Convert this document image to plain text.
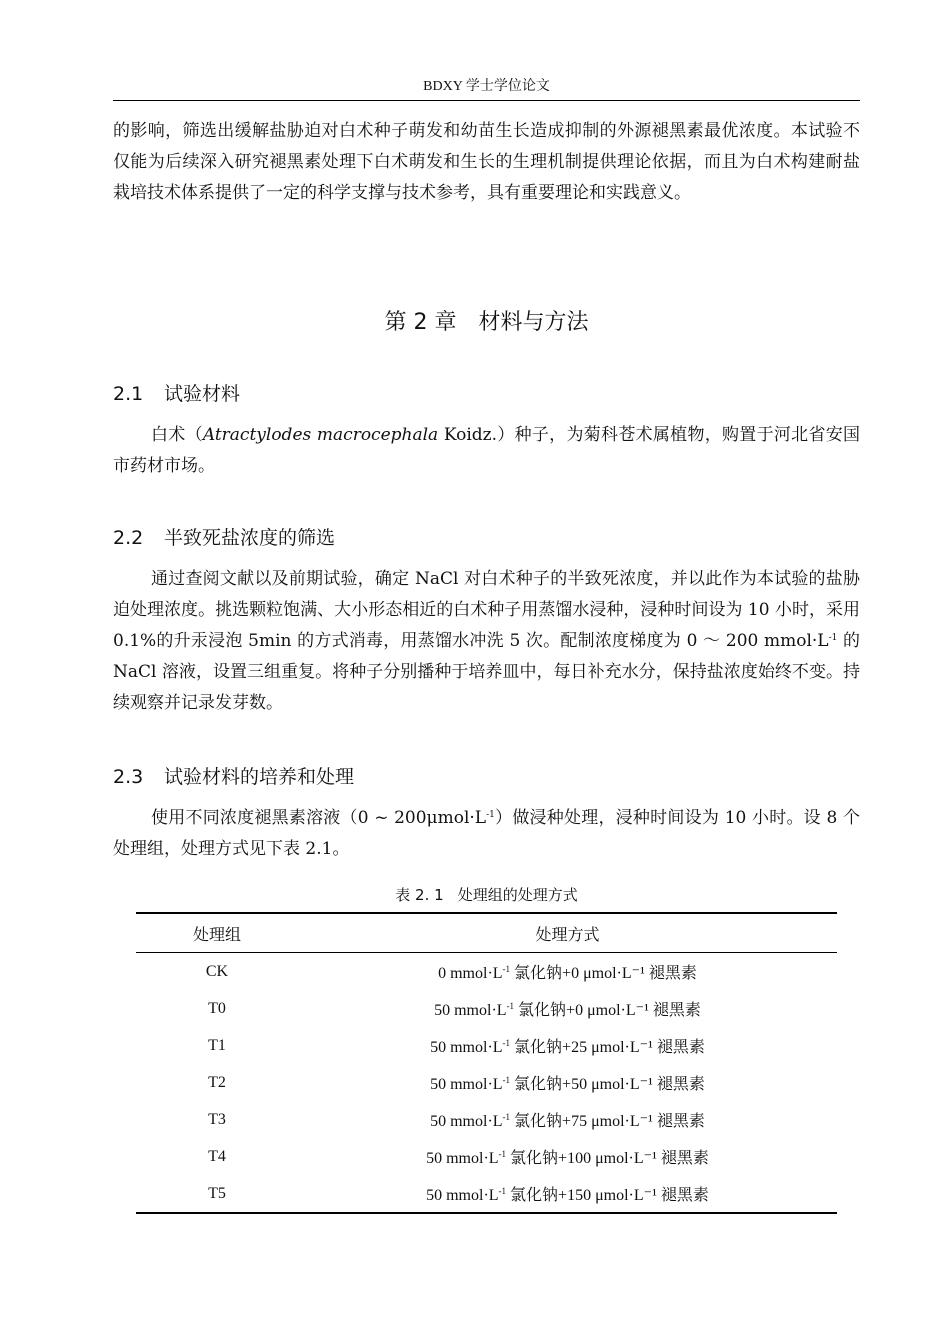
BDXY 学士学位论文

的影响，筛选出缓解盐胁迫对白术种子萌发和幼苗生长造成抑制的外源褪黑素最优浓度。本试验不仅能为后续深入研究褪黑素处理下白术萌发和生长的生理机制提供理论依据，而且为白术构建耐盐栽培技术体系提供了一定的科学支撑与技术参考，具有重要理论和实践意义。

第 2 章　材料与方法
2.1 试验材料

白术（Atractylodes macrocephala Koidz.）种子，为菊科苍术属植物，购置于河北省安国市药材市场。

2.2 半致死盐浓度的筛选

通过查阅文献以及前期试验，确定 NaCl 对白术种子的半致死浓度，并以此作为本试验的盐胁迫处理浓度。挑选颗粒饱满、大小形态相近的白术种子用蒸馏水浸种，浸种时间设为 10 小时，采用 0.1%的升汞浸泡 5min 的方式消毒，用蒸馏水冲洗 5 次。配制浓度梯度为 0 ～ 200 $mmol\cdot L^{-1}$ 的 NaCl 溶液，设置三组重复。将种子分别播种于培养皿中，每日补充水分，保持盐浓度始终不变。持续观察并记录发芽数。

2.3 试验材料的培养和处理

使用不同浓度褪黑素溶液（0 ~ $200\mu mol\cdot L^{-1}$）做浸种处理，浸种时间设为 10 小时。设 8 个处理组，处理方式见下表 2.1。

表 2. 1 处理组的处理方式
处理组	处理方式
CK	0 $mmol\cdot L^{-1}$ 氯化钠+0 μmol·L⁻¹ 褪黑素
T0	50 $mmol\cdot L^{-1}$ 氯化钠+0 μmol·L⁻¹ 褪黑素
T1	50 $mmol\cdot L^{-1}$ 氯化钠+25 μmol·L⁻¹ 褪黑素
T2	50 $mmol\cdot L^{-1}$ 氯化钠+50 μmol·L⁻¹ 褪黑素
T3	50 $mmol\cdot L^{-1}$ 氯化钠+75 μmol·L⁻¹ 褪黑素
T4	50 $mmol\cdot L^{-1}$ 氯化钠+100 μmol·L⁻¹ 褪黑素
T5	50 $mmol\cdot L^{-1}$ 氯化钠+150 μmol·L⁻¹ 褪黑素
